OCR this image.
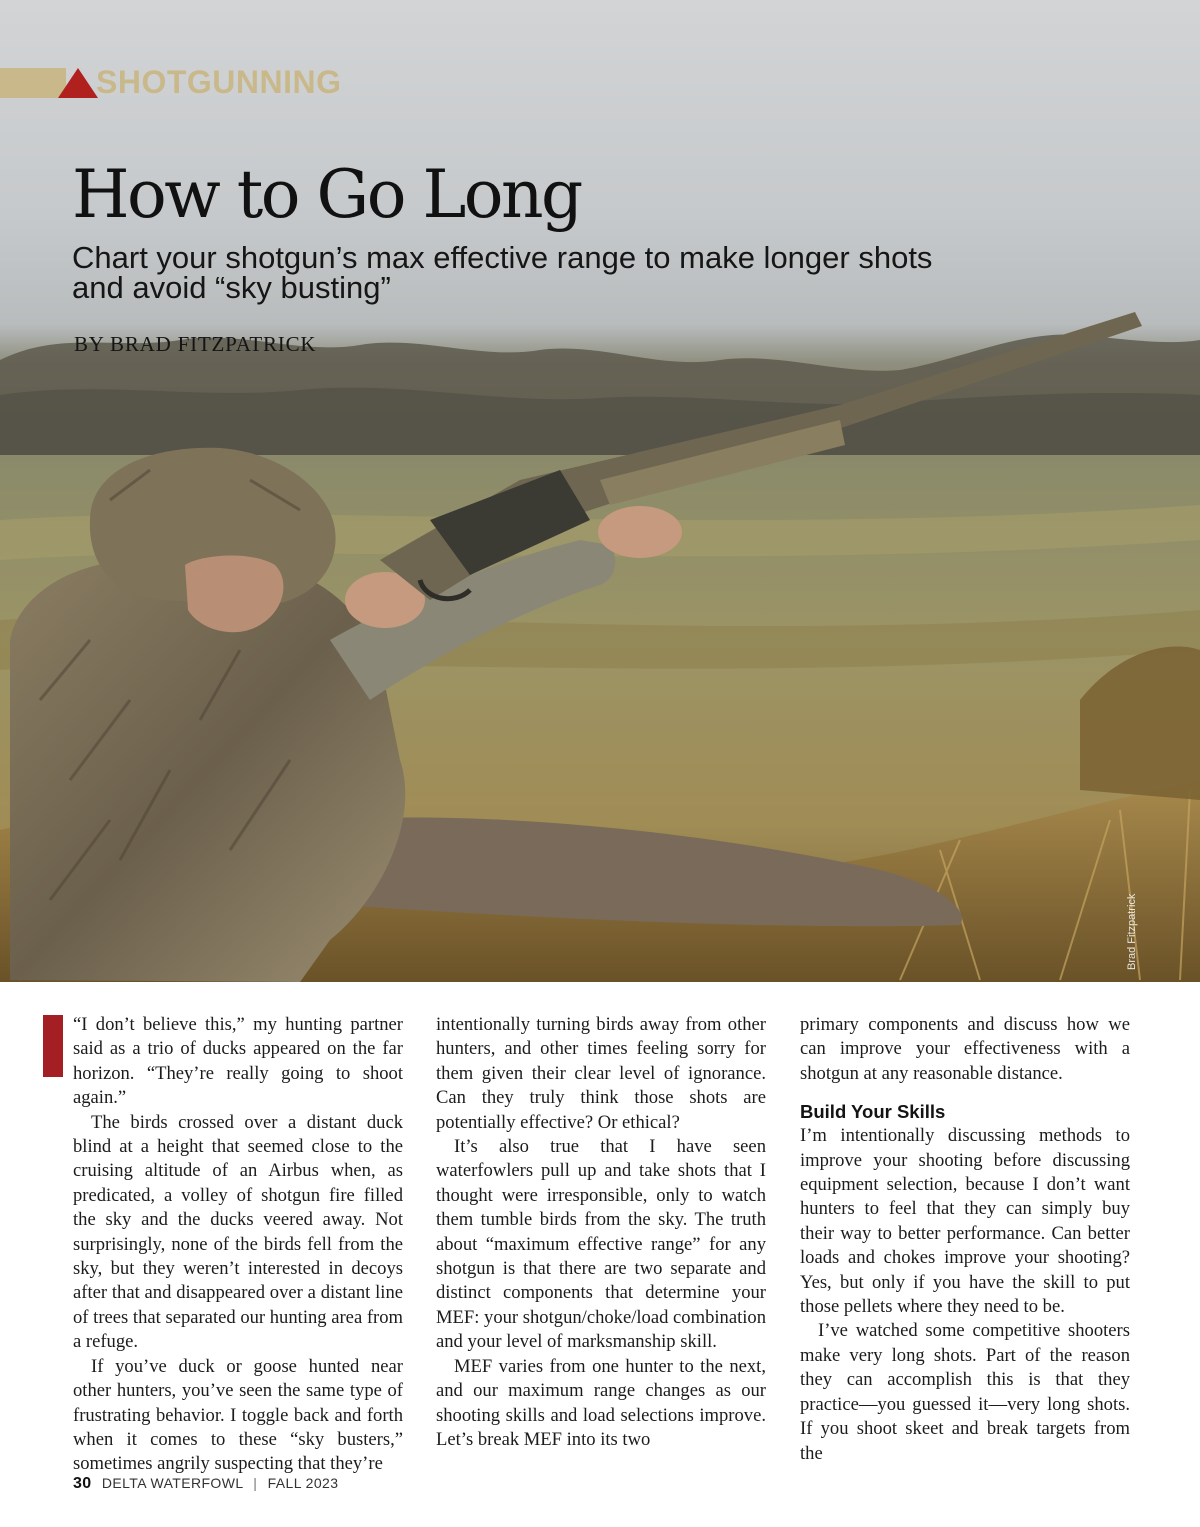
SHOTGUNNING
How to Go Long
Chart your shotgun’s max effective range to make longer shots and avoid “sky busting”
BY BRAD FITZPATRICK
Brad Fitzpatrick

“I don’t believe this,” my hunting partner said as a trio of ducks appeared on the far horizon. “They’re really going to shoot again.”

The birds crossed over a distant duck blind at a height that seemed close to the cruising altitude of an Airbus when, as predicated, a volley of shotgun fire filled the sky and the ducks veered away. Not surprisingly, none of the birds fell from the sky, but they weren’t interested in decoys after that and disappeared over a distant line of trees that separated our hunting area from a refuge.

If you’ve duck or goose hunted near other hunters, you’ve seen the same type of frustrating behavior. I toggle back and forth when it comes to these “sky busters,” sometimes angrily suspecting that they’re

intentionally turning birds away from other hunters, and other times feeling sorry for them given their clear level of ignorance. Can they truly think those shots are potentially effective? Or ethical?

It’s also true that I have seen waterfowlers pull up and take shots that I thought were irresponsible, only to watch them tumble birds from the sky. The truth about “maximum effective range” for any shotgun is that there are two separate and distinct components that determine your MEF: your shotgun/choke/load combination and your level of marksmanship skill.

MEF varies from one hunter to the next, and our maximum range changes as our shooting skills and load selections improve. Let’s break MEF into its two

primary components and discuss how we can improve your effectiveness with a shotgun at any reasonable distance.

Build Your Skills

I’m intentionally discussing methods to improve your shooting before discussing equipment selection, because I don’t want hunters to feel that they can simply buy their way to better performance. Can better loads and chokes improve your shooting? Yes, but only if you have the skill to put those pellets where they need to be.

I’ve watched some competitive shooters make very long shots. Part of the reason they can accomplish this is that they practice—you guessed it—very long shots. If you shoot skeet and break targets from the

30 DELTA WATERFOWL | FALL 2023
